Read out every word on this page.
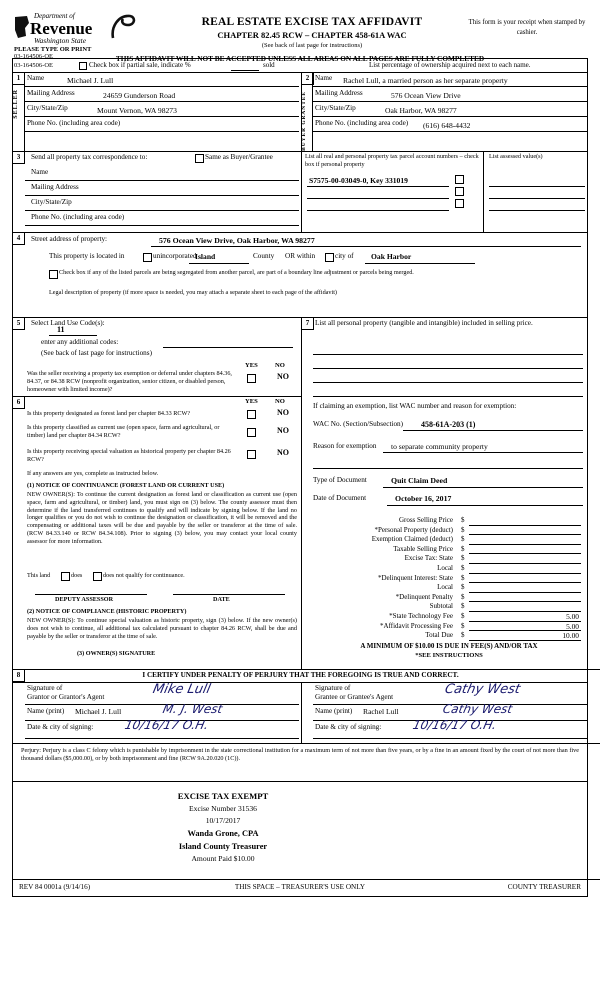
Department of
Revenue
Washington State
PLEASE TYPE OR PRINT
03-164506-OE
03-164506-OE
REAL ESTATE EXCISE TAX AFFIDAVIT
CHAPTER 82.45 RCW – CHAPTER 458-61A WAC
(See back of last page for instructions)
This form is your receipt when stamped by cashier.
THIS AFFIDAVIT WILL NOT BE ACCEPTED UNLESS ALL AREAS ON ALL PAGES ARE FULLY COMPLETED
Check box if partial sale, indicate %	sold	List percentage of ownership acquired next to each name.
1
SELLER
Name	Michael J. Lull
Mailing Address	24659 Gunderson Road
City/State/Zip	Mount Vernon, WA 98273
Phone No. (including area code)
2
BUYER GRANTEE
Name Rachel Lull, a married person as her separate property
Mailing Address	576 Ocean View Drive
City/State/Zip	Oak Harbor, WA 98277
Phone No. (including area code) (616) 648-4432
3	Send all property tax correspondence to:	Same as Buyer/Grantee
Name
Mailing Address
City/State/Zip
Phone No. (including area code)
List all real and personal property tax parcel account numbers – check box if personal property
S7575-00-03049-0, Key 331019
List assessed value(s)
4	Street address of property:	576 Ocean View Drive, Oak Harbor, WA 98277
This property is located in	unincorporated
Island	County OR within	city of Oak Harbor
Check box if any of the listed parcels are being segregated from another parcel, are part of a boundary line adjustment or parcels being merged.
Legal description of property (if more space is needed, you may attach a separate sheet to each page of the affidavit)
5	Select Land Use Code(s):
11
enter any additional codes:
(See back of last page for instructions)
YES	NO
Was the seller receiving a property tax exemption or deferral under chapters 84.36, 84.37, or 84.38 RCW (nonprofit organization, senior citizen, or disabled person, homeowner with limited income)?
NO
6	YES	NO
Is this property designated as forest land per chapter 84.33 RCW?	NO
Is this property classified as current use (open space, farm and agricultural, or timber) land per chapter 84.34 RCW?
NO
Is this property receiving special valuation as historical property per chapter 84.26 RCW?
NO
If any answers are yes, complete as instructed below.
(1) NOTICE OF CONTINUANCE (FOREST LAND OR CURRENT USE)
NEW OWNER(S): To continue the current designation as forest land or classification as current use (open space, farm and agricultural, or timber) land, you must sign on (3) below. The county assessor must then determine if the land transferred continues to qualify and will indicate by signing below. If the land no longer qualifies or you do not wish to continue the designation or classification, it will be removed and the compensating or additional taxes will be due and payable by the seller or transferor at the time of sale. (RCW 84.33.140 or RCW 84.34.108). Prior to signing (3) below, you may contact your local county assessor for more information.
This land	does	does not qualify for continuance.
DEPUTY ASSESSOR	DATE
(2) NOTICE OF COMPLIANCE (HISTORIC PROPERTY)
NEW OWNER(S): To continue special valuation as historic property, sign (3) below. If the new owner(s) does not wish to continue, all additional tax calculated pursuant to chapter 84.26 RCW, shall be due and payable by the seller or transferor at the time of sale.
(3) OWNER(S) SIGNATURE
7 List all personal property (tangible and intangible) included in selling price.
If claiming an exemption, list WAC number and reason for exemption:
WAC No. (Section/Subsection) 458-61A-203 (1)
Reason for exemption to separate community property
Type of Document	Quit Claim Deed
Date of Document	October 16, 2017
Gross Selling Price $
*Personal Property (deduct) $
Exemption Claimed (deduct) $
Taxable Selling Price $
Excise Tax: State $
Local $
*Delinquent Interest: State $
Local $
*Delinquent Penalty $
Subtotal $
*State Technology Fee $	5.00
*Affidavit Processing Fee $	5.00
Total Due $	10.00
A MINIMUM OF $10.00 IS DUE IN FEE(S) AND/OR TAX
*SEE INSTRUCTIONS
8	I CERTIFY UNDER PENALTY OF PERJURY THAT THE FOREGOING IS TRUE AND CORRECT.
Signature of
Grantor or Grantor's Agent	Mike Lull
Name (print) Michael J. Lull	M. J. West
Date & city of signing:	10/16/17 O.H.
Signature of
Grantee or Grantee's Agent	Cathy West
Name (print) Rachel Lull	Cathy West
Date & city of signing:	10/16/17 O.H.
Perjury: Perjury is a class C felony which is punishable by imprisonment in the state correctional institution for a maximum term of not more than five years, or by a fine in an amount fixed by the court of not more than five thousand dollars ($5,000.00), or by both imprisonment and fine (RCW 9A.20.020 (1C)).
EXCISE TAX EXEMPT
Excise Number 31536
10/17/2017
Wanda Grone, CPA
Island County Treasurer
Amount Paid $10.00
REV 84 0001a (9/14/16)	THIS SPACE – TREASURER'S USE ONLY	COUNTY TREASURER
